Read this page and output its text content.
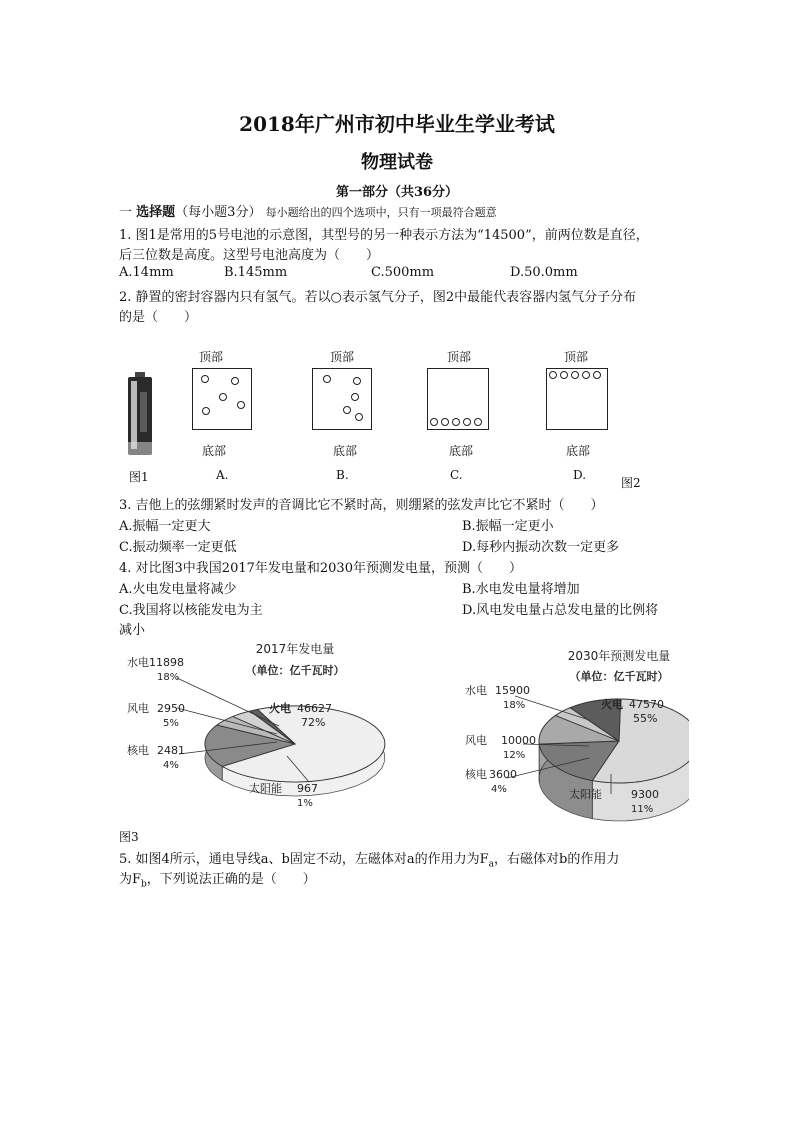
2018年广州市初中毕业生学业考试
物理试卷
第一部分（共36分）
一 选择题（每小题3分） 每小题给出的四个选项中，只有一项最符合题意
1. 图1是常用的5号电池的示意图，其型号的另一种表示方法为“14500”，前两位数是直径，
后三位数是高度。这型号电池高度为（　　）
A.14mm	B.145mm	C.500mm	D.50.0mm
2. 静置的密封容器内只有氢气。若以○表示氢气分子，图2中最能代表容器内氢气分子分布
的是（　　）
顶部	顶部	顶部	顶部
底部	底部	底部	底部
图1	A.	B.	C.	D.
图2
3. 吉他上的弦绷紧时发声的音调比它不紧时高，则绷紧的弦发声比它不紧时（　　）
A.振幅一定更大	B.振幅一定更小
C.振动频率一定更低	D.每秒内振动次数一定更多
4. 对比图3中我国2017年发电量和2030年预测发电量，预测（　　）
A.火电发电量将减少	B.水电发电量将增加
C.我国将以核能发电为主	D.风电发电量占总发电量的比例将
减小
火电 46627
72%
水电 11898
18%
风电 2950
5%
核电 2481
4%
太阳能 967
1%
2017年发电量
（单位：亿千瓦时）
火电 47570
55%
水电 15900
18%
风电 10000
12%
核电 3600
4%	太阳能	9300
11%
2030年预测发电量
（单位：亿千瓦时）
图3
5. 如图4所示，通电导线a、b固定不动，左磁体对a的作用力为$F_a$，右磁体对b的作用力
为$F_b$，下列说法正确的是（　　）
